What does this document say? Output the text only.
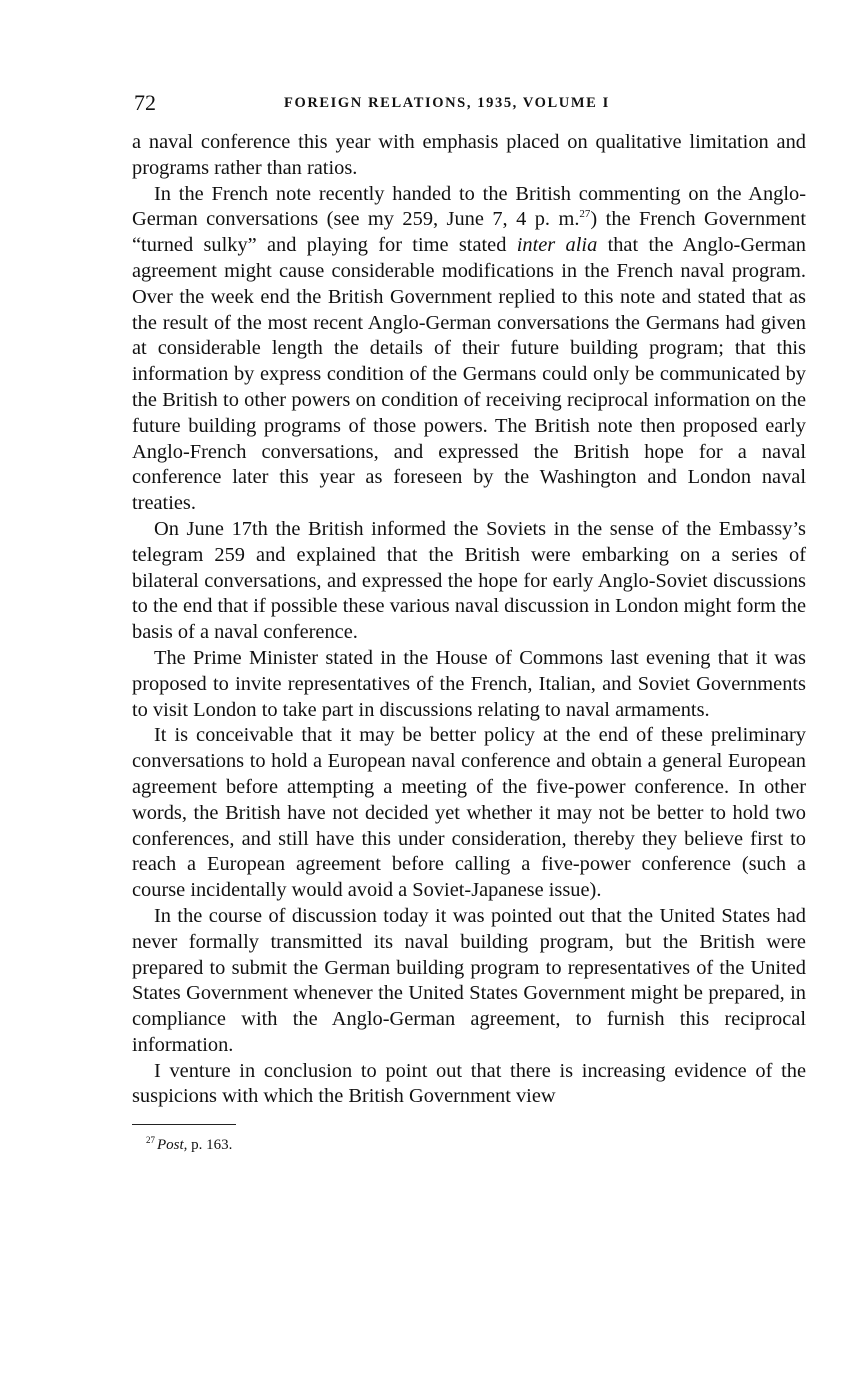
72	FOREIGN RELATIONS, 1935, VOLUME I

a naval conference this year with emphasis placed on qualitative limitation and programs rather than ratios.

In the French note recently handed to the British commenting on the Anglo-German conversations (see my 259, June 7, 4 p. m.$^{27}$) the French Government “turned sulky” and playing for time stated inter alia that the Anglo-German agreement might cause considerable modifications in the French naval program. Over the week end the British Government replied to this note and stated that as the result of the most recent Anglo-German conversations the Germans had given at considerable length the details of their future building program; that this information by express condition of the Germans could only be communicated by the British to other powers on condition of receiving reciprocal information on the future building programs of those powers. The British note then proposed early Anglo-French conversations, and expressed the British hope for a naval conference later this year as foreseen by the Washington and London naval treaties.

On June 17th the British informed the Soviets in the sense of the Embassy’s telegram 259 and explained that the British were embarking on a series of bilateral conversations, and expressed the hope for early Anglo-Soviet discussions to the end that if possible these various naval discussion in London might form the basis of a naval conference.

The Prime Minister stated in the House of Commons last evening that it was proposed to invite representatives of the French, Italian, and Soviet Governments to visit London to take part in discussions relating to naval armaments.

It is conceivable that it may be better policy at the end of these preliminary conversations to hold a European naval conference and obtain a general European agreement before attempting a meeting of the five-power conference. In other words, the British have not decided yet whether it may not be better to hold two conferences, and still have this under consideration, thereby they believe first to reach a European agreement before calling a five-power conference (such a course incidentally would avoid a Soviet-Japanese issue).

In the course of discussion today it was pointed out that the United States had never formally transmitted its naval building program, but the British were prepared to submit the German building program to representatives of the United States Government whenever the United States Government might be prepared, in compliance with the Anglo-German agreement, to furnish this reciprocal information.

I venture in conclusion to point out that there is increasing evidence of the suspicions with which the British Government view

$^{27}$ Post, p. 163.
